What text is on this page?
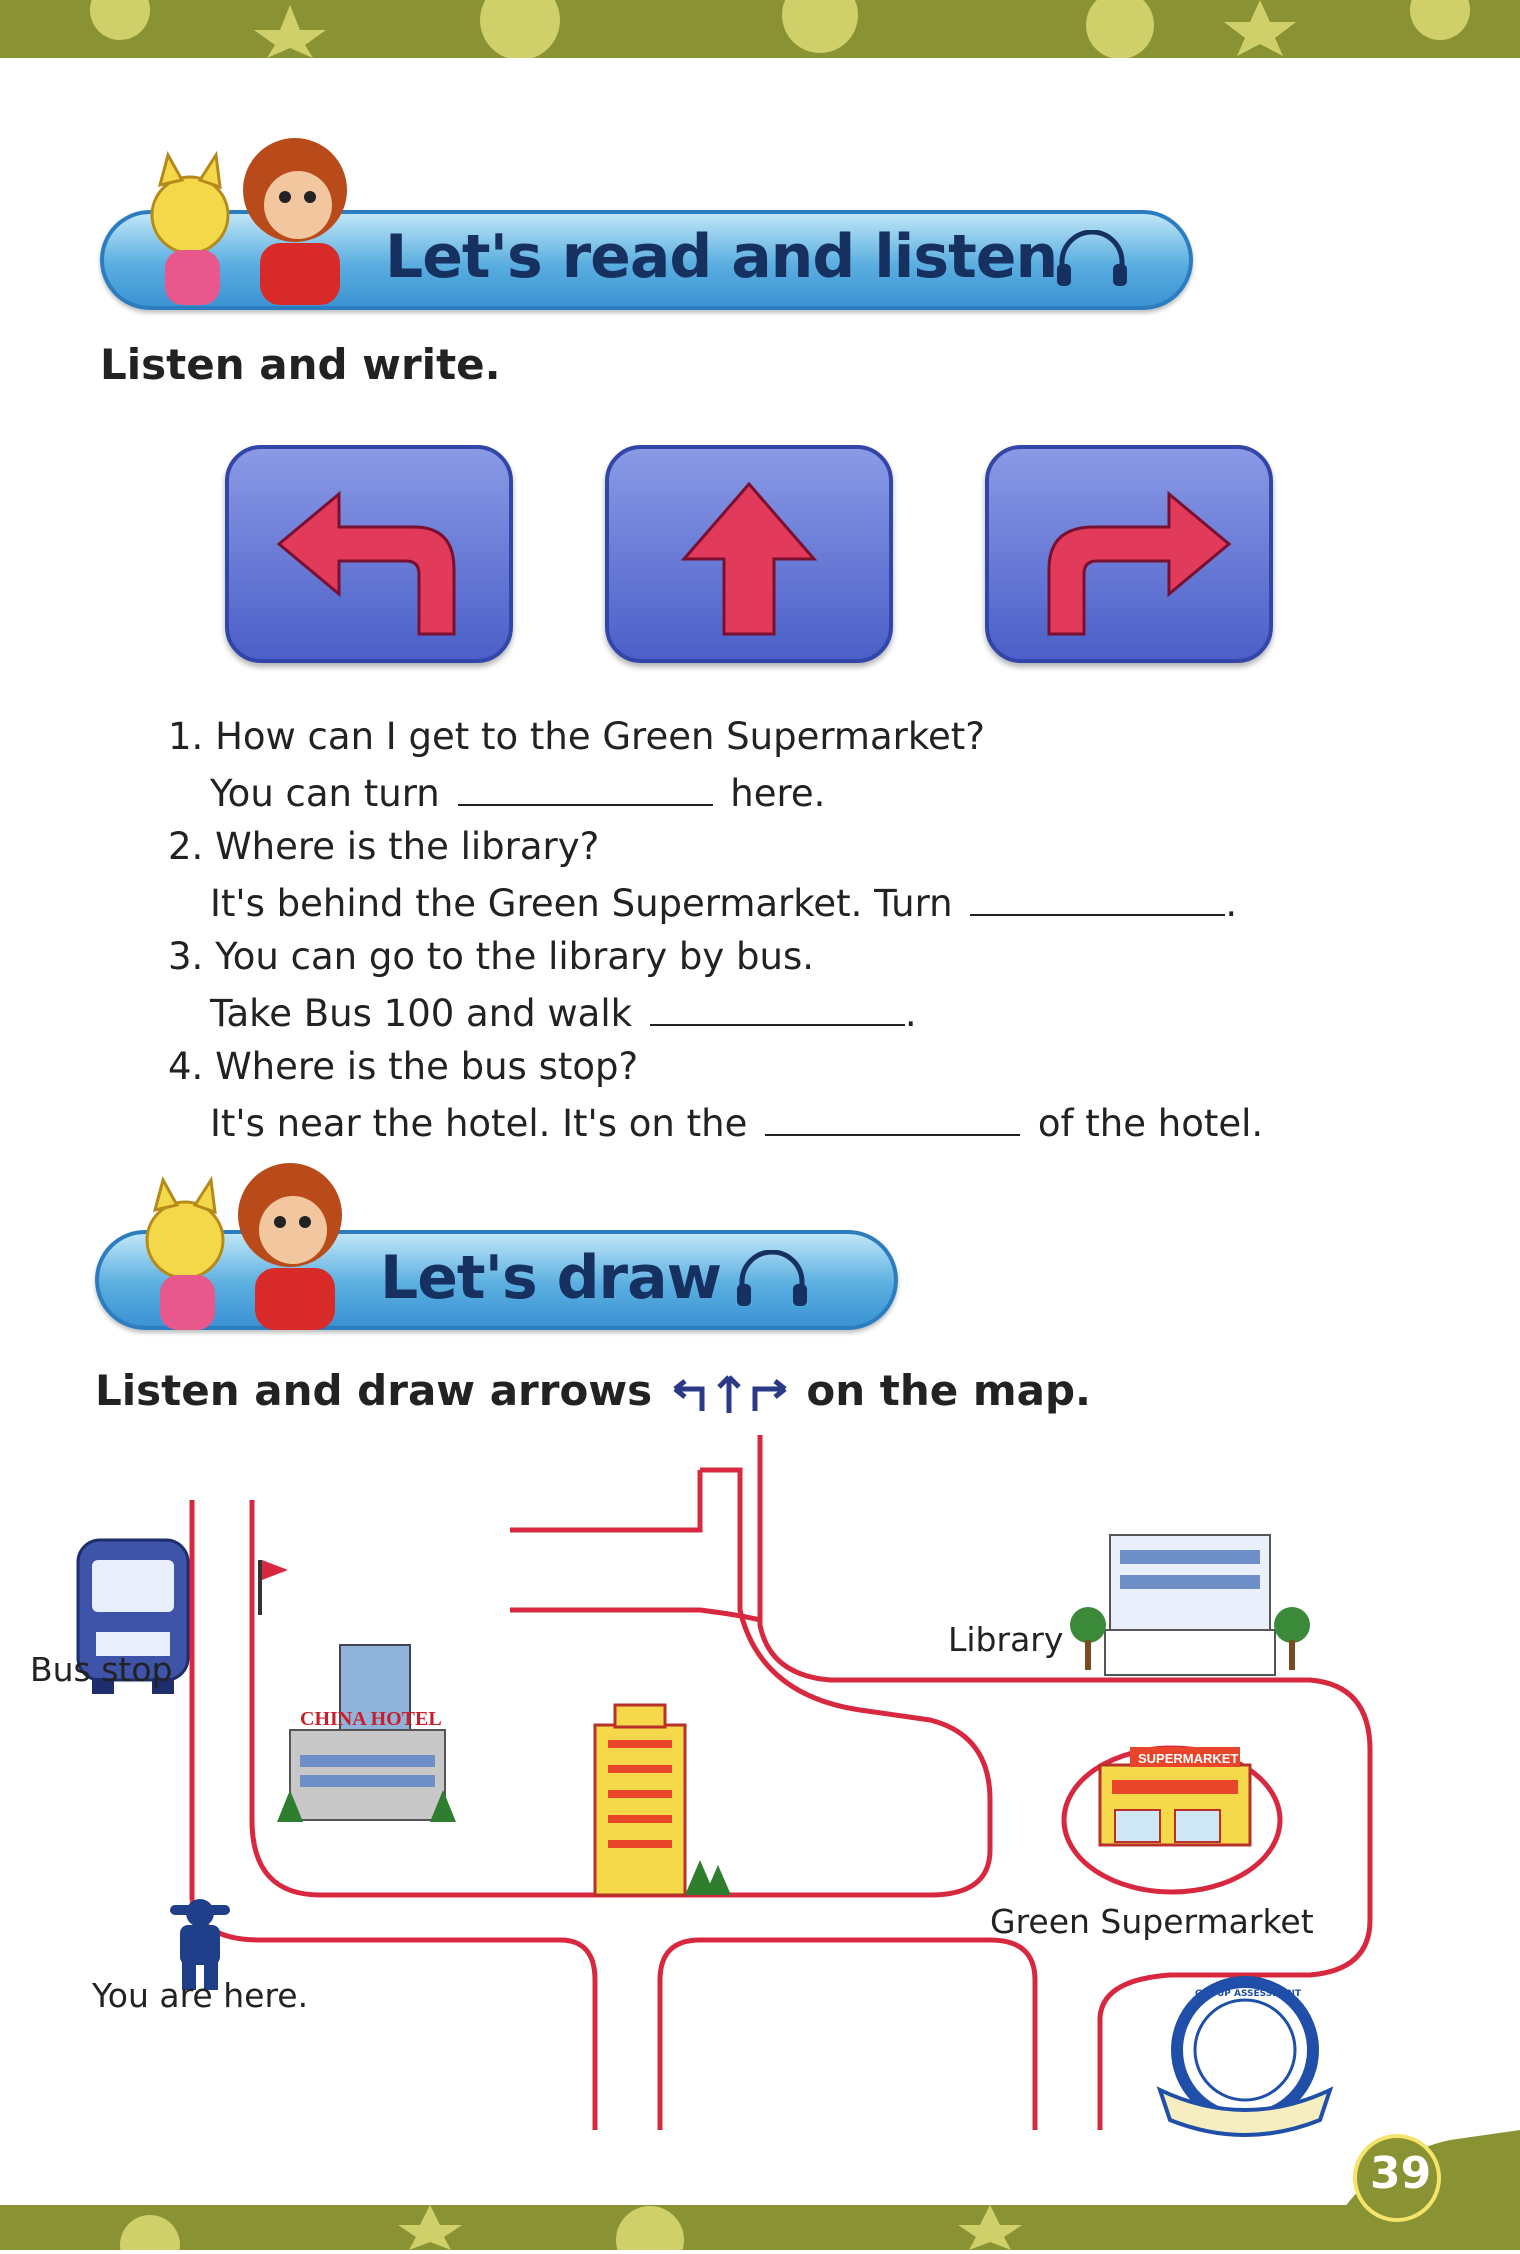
Let's read and listen
Listen and write.
1. How can I get to the Green Supermarket?
You can turn	here.
2. Where is the library?
It's behind the Green Supermarket. Turn	.
3. You can go to the library by bus.
Take Bus 100 and walk	.
4. Where is the bus stop?
It's near the hotel. It's on the	of the hotel.
Let's draw
Listen and draw arrows	on the map.
CHINA HOTEL
SUPERMARKET
GROUP ASSESSMENT
Bus stop
Library
Green Supermarket
You are here.
39
